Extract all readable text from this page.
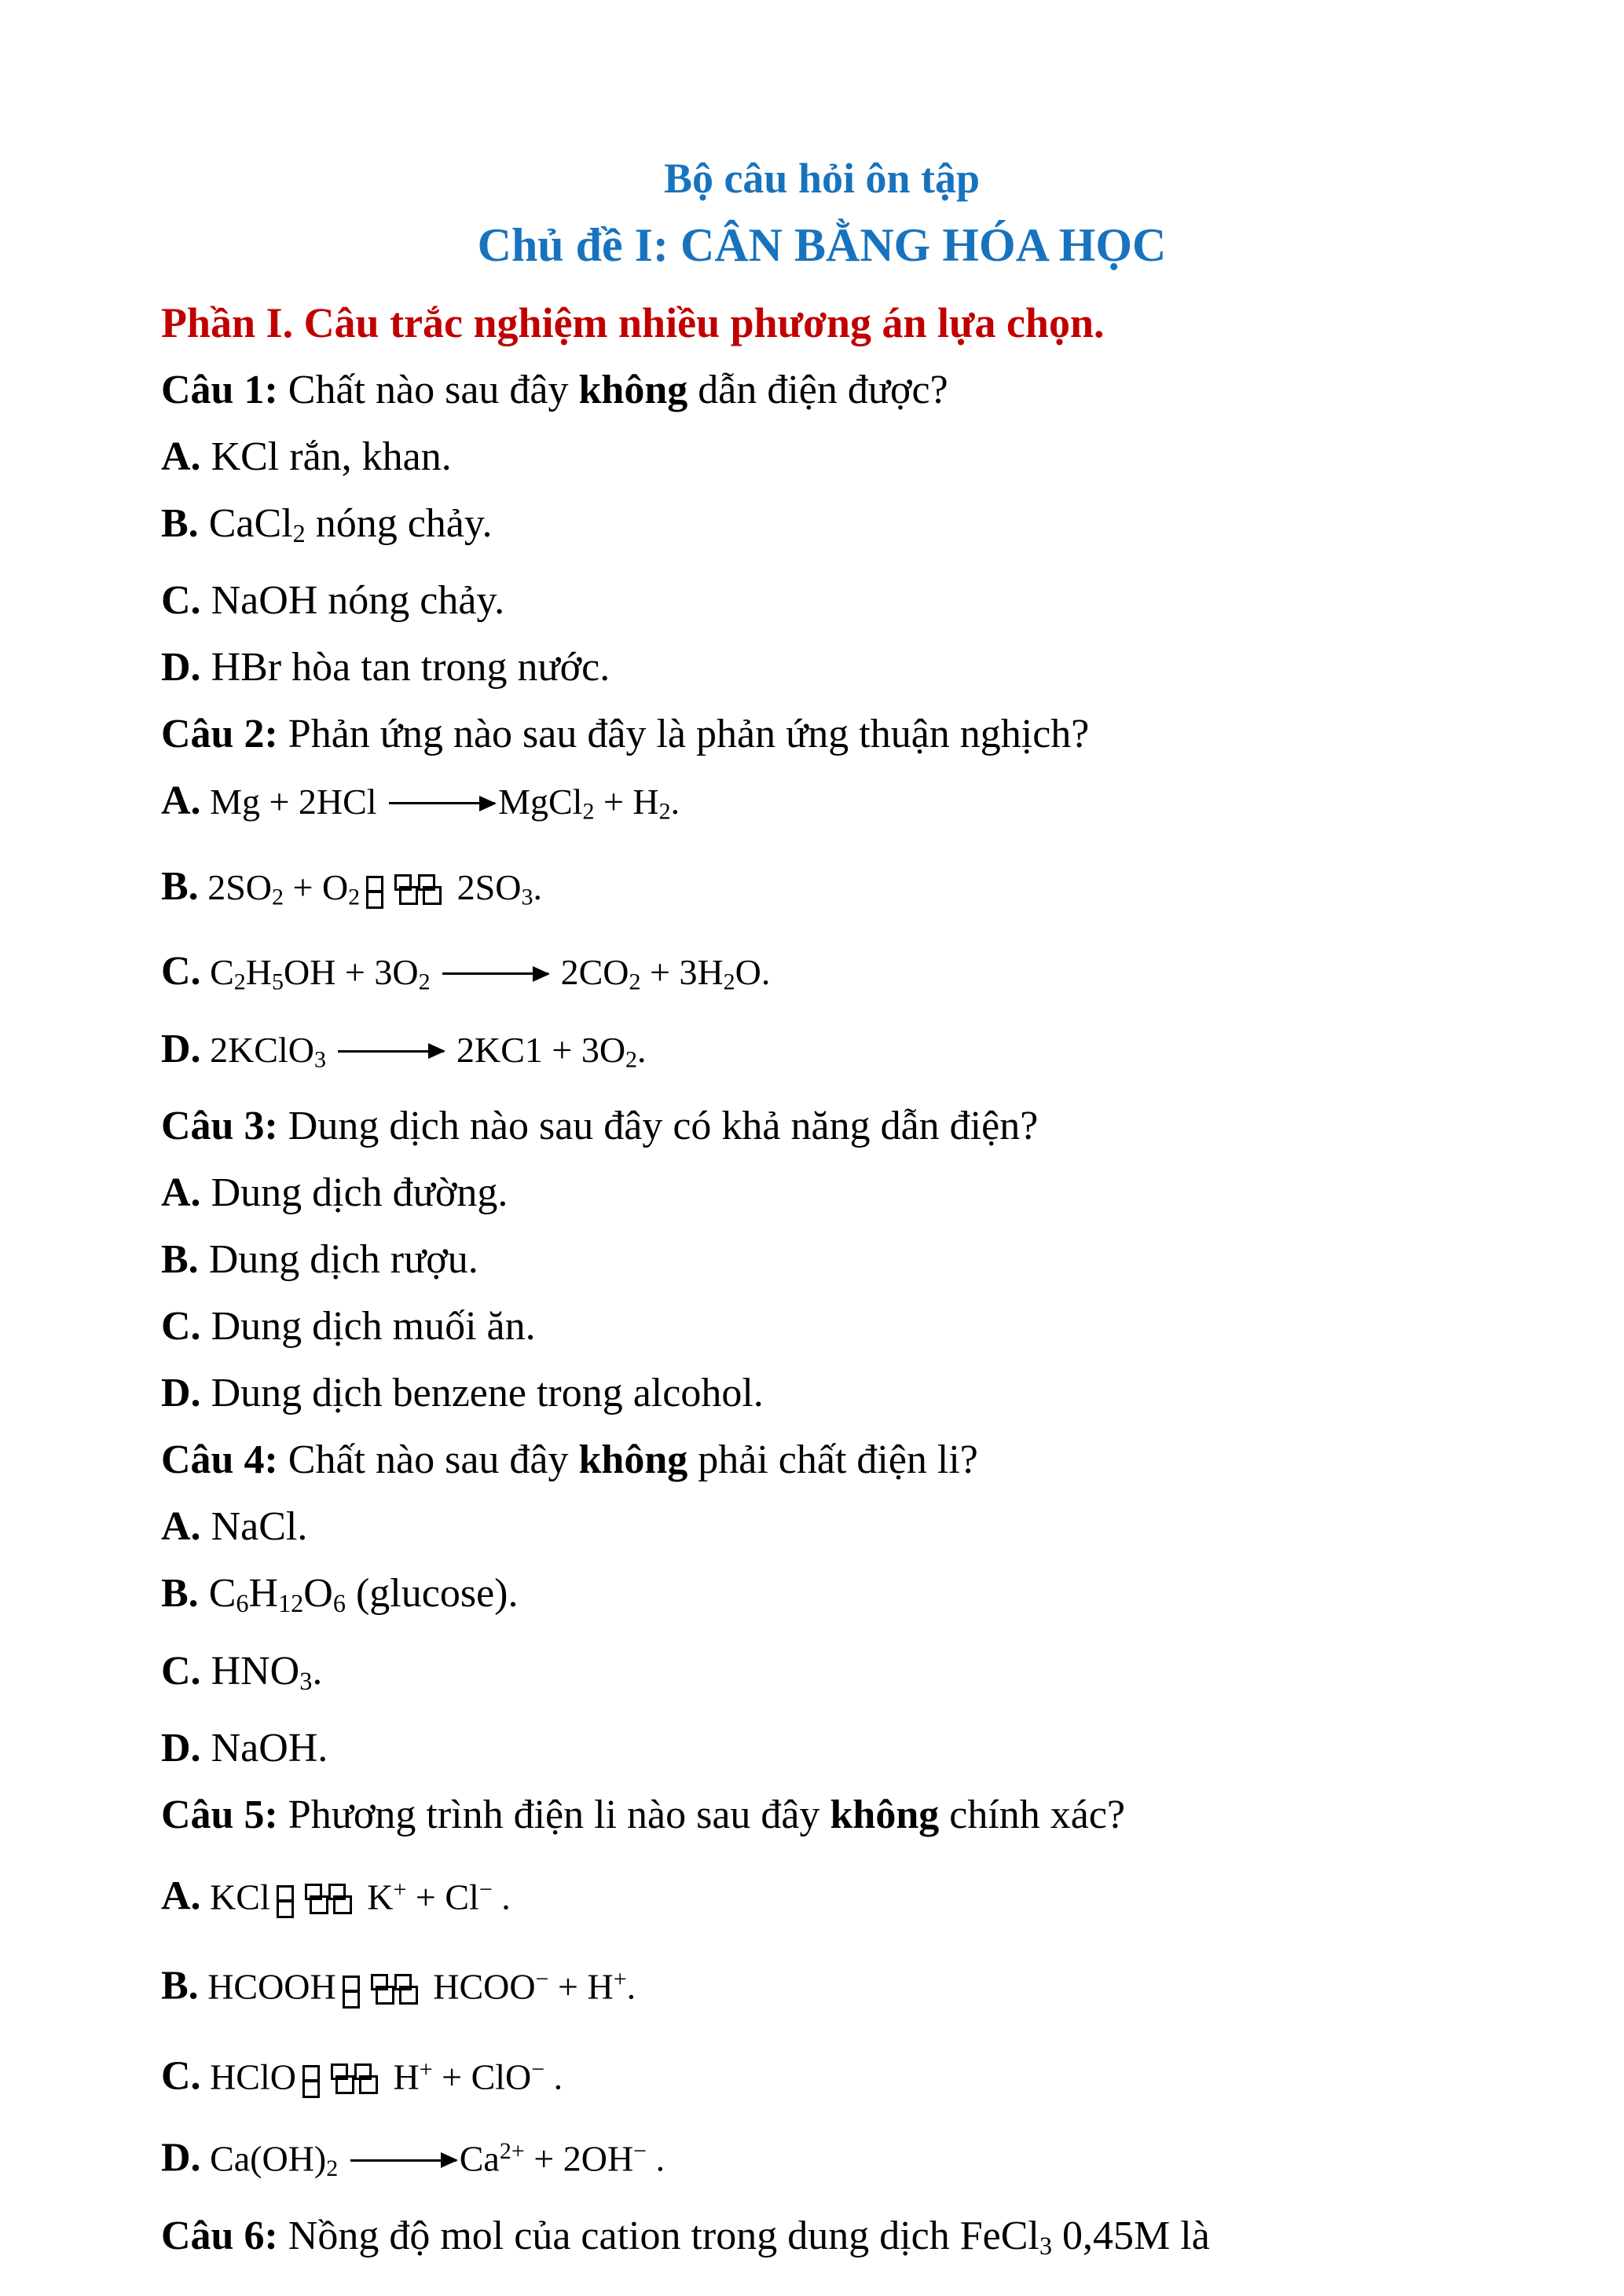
Bộ câu hỏi ôn tập
Chủ đề I: CÂN BẰNG HÓA HỌC
Phần I. Câu trắc nghiệm nhiều phương án lựa chọn.
Câu 1: Chất nào sau đây không dẫn điện được?
A. KCl rắn, khan.
B. CaCl2 nóng chảy.
C. NaOH nóng chảy.
D. HBr hòa tan trong nước.
Câu 2: Phản ứng nào sau đây là phản ứng thuận nghịch?
A. Mg + 2HCl	MgCl2 + H2.
B. 2SO2 + O2
2SO3.
C. C2H5OH + 3O2	2CO2 + 3H2O.
D. 2KClO3	2KC1 + 3O2.
Câu 3: Dung dịch nào sau đây có khả năng dẫn điện?
A. Dung dịch đường.
B. Dung dịch rượu.
C. Dung dịch muối ăn.
D. Dung dịch benzene trong alcohol.
Câu 4: Chất nào sau đây không phải chất điện li?
A. NaCl.
B. C6H12O6 (glucose).
C. HNO3.
D. NaOH.
Câu 5: Phương trình điện li nào sau đây không chính xác?
A. KCl
K+ + Cl− .
B. HCOOH
HCOO− + H+.
C. HClO
H+ + ClO− .
D. Ca(OH)2	$Ca^{2+} + 2OH^-$ .
Câu 6: Nồng độ mol của cation trong dung dịch FeCl3 0,45M là
